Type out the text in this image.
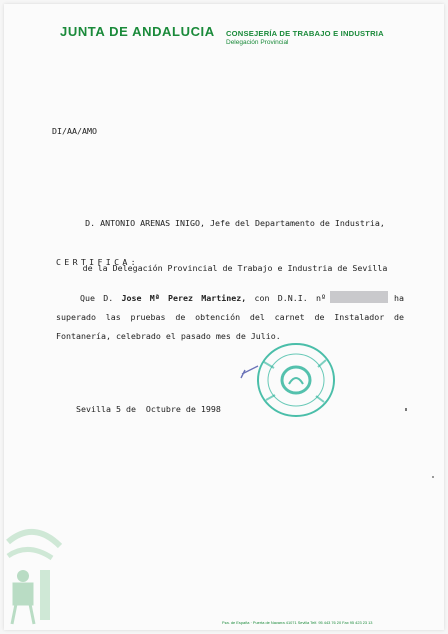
JUNTA DE ANDALUCIA CONSEJERÍA DE TRABAJO E INDUSTRIA
Delegación Provincial
DI/AA/AMO

D. ANTONIO ARENAS INIGO, Jefe del Departamento de Industria,

de la Delegación Provincial de Trabajo e Industria de Sevilla

CERTIFICA:
Que D. Jose Mª Perez Martinez, con D.N.I. nº	ha superado las pruebas de obtención del carnet de Instalador de Fontanería, celebrado el pasado mes de Julio.
Sevilla 5 de  Octubre de 1998
Pza. de España · Puerta de Navarra 41071 Sevilla Telf. 95 443 76 20 Fax 95 423 23 13
